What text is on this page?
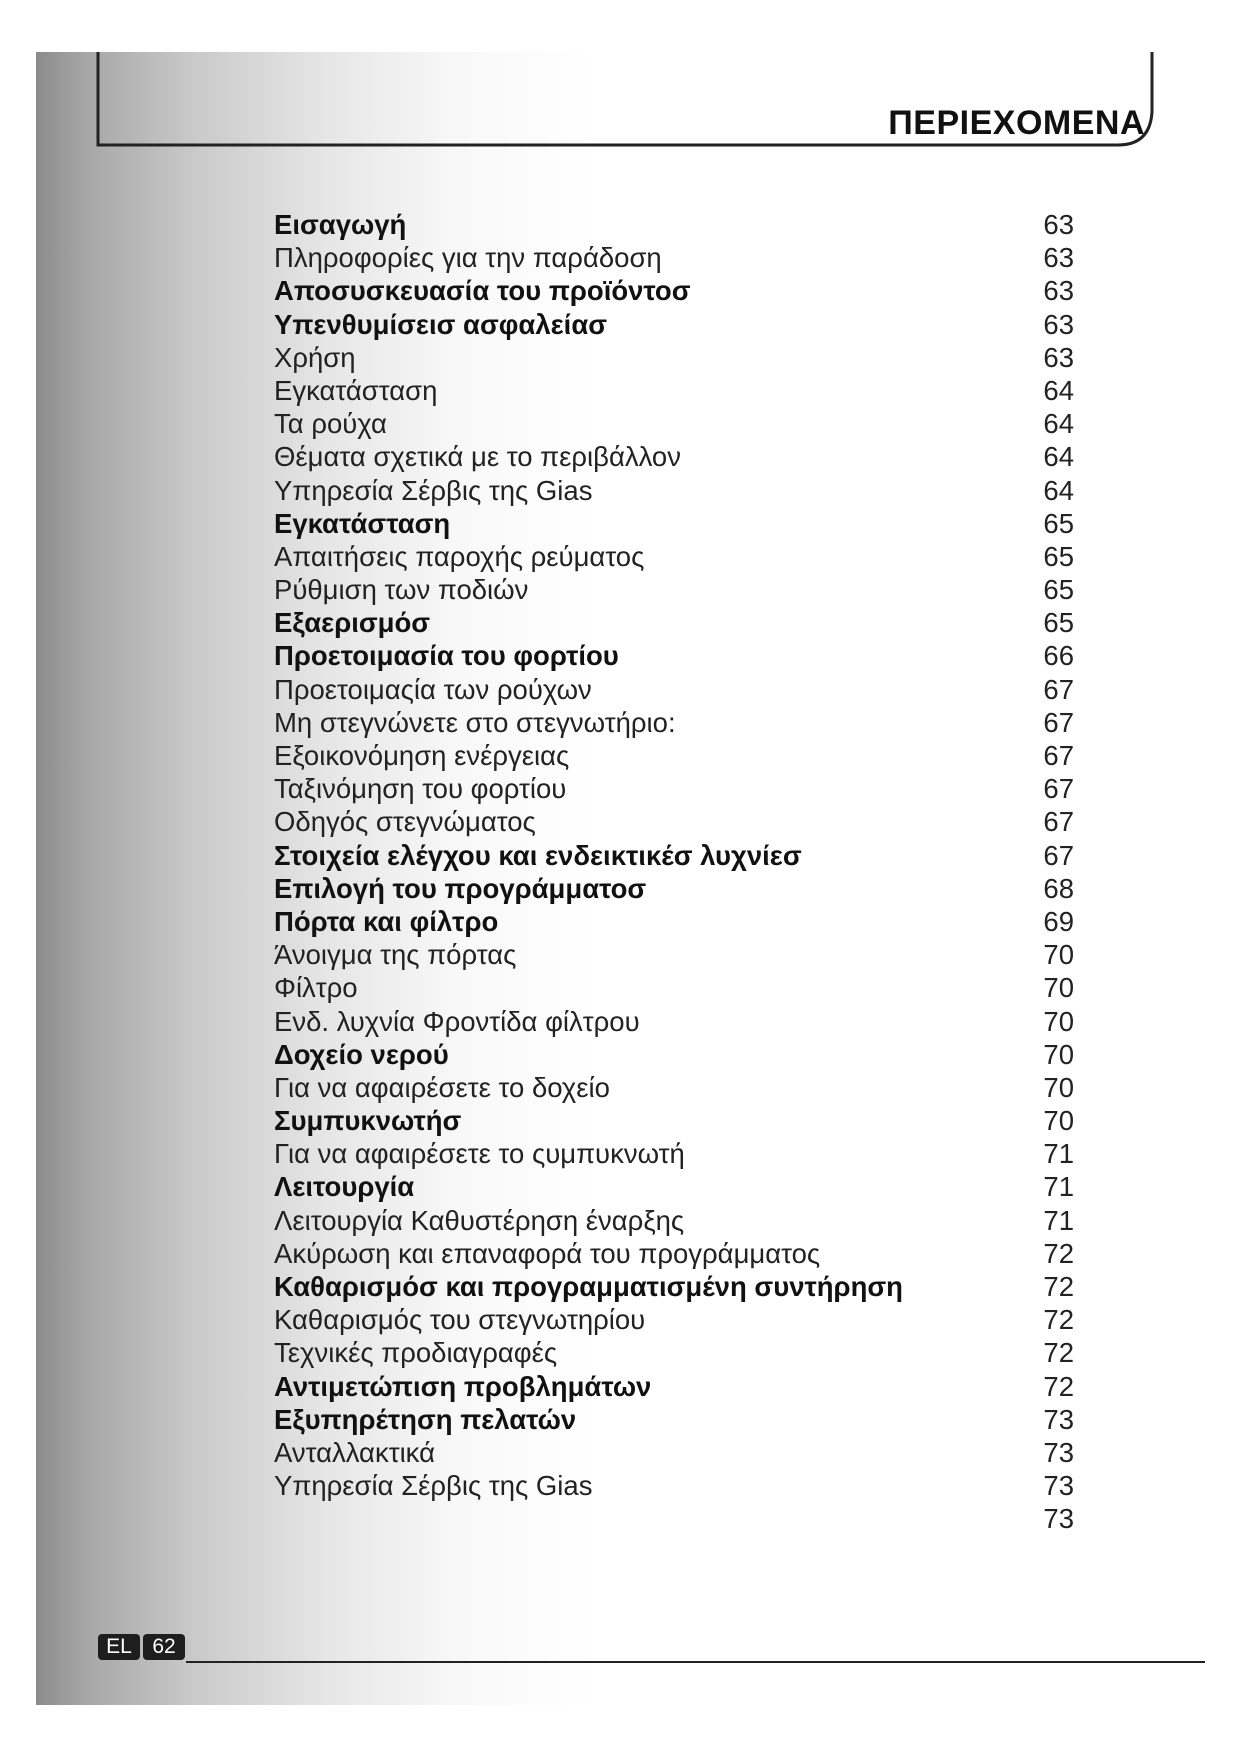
ΠΕΡΙΕΧΟΜΕΝΑ
Εισαγωγή	63
Πληροφορίες για την παράδοση	63
Αποσυσκευασία του προϊόντοσ	63
Υπενθυμίσεισ ασφαλείασ	63
Χρήση	63
Εγκατάσταση	64
Τα ρούχα	64
Θέματα σχετικά με το περιβάλλον	64
Υπηρεσία Σέρβις της Gias	64
Εγκατάσταση	65
Απαιτήσεις παροχής ρεύματος	65
Ρύθμιση των ποδιών	65
Εξαερισμόσ	65
Προετοιμασία του φορτίου	66
Προετοιμαςία των ρούχων	67
Μη στεγνώνετε στο στεγνωτήριο:	67
Εξοικονόμηση ενέργειας	67
Ταξινόμηση του φορτίου	67
Οδηγός στεγνώματος	67
Στοιχεία ελέγχου και ενδεικτικέσ λυχνίεσ	67
Επιλογή του προγράμματοσ	68
Πόρτα και φίλτρο	69
Άνοιγμα της πόρτας	70
Φίλτρο	70
Ενδ. λυχνία Φροντίδα φίλτρου	70
Δοχείο νερού	70
Για να αφαιρέσετε το δοχείο	70
Συμπυκνωτήσ	70
Για να αφαιρέσετε το ςυμπυκνωτή	71
Λειτουργία	71
Λειτουργία Καθυστέρηση έναρξης	71
Ακύρωση και επαναφορά του προγράμματος	72
Καθαρισμόσ και προγραμματισμένη συντήρηση	72
Καθαρισμός του στεγνωτηρίου	72
Τεχνικές προδιαγραφές	72
Αντιμετώπιση προβλημάτων	72
Εξυπηρέτηση πελατών	73
Ανταλλακτικά	73
Υπηρεσία Σέρβις της Gias	73
73
EL 62
